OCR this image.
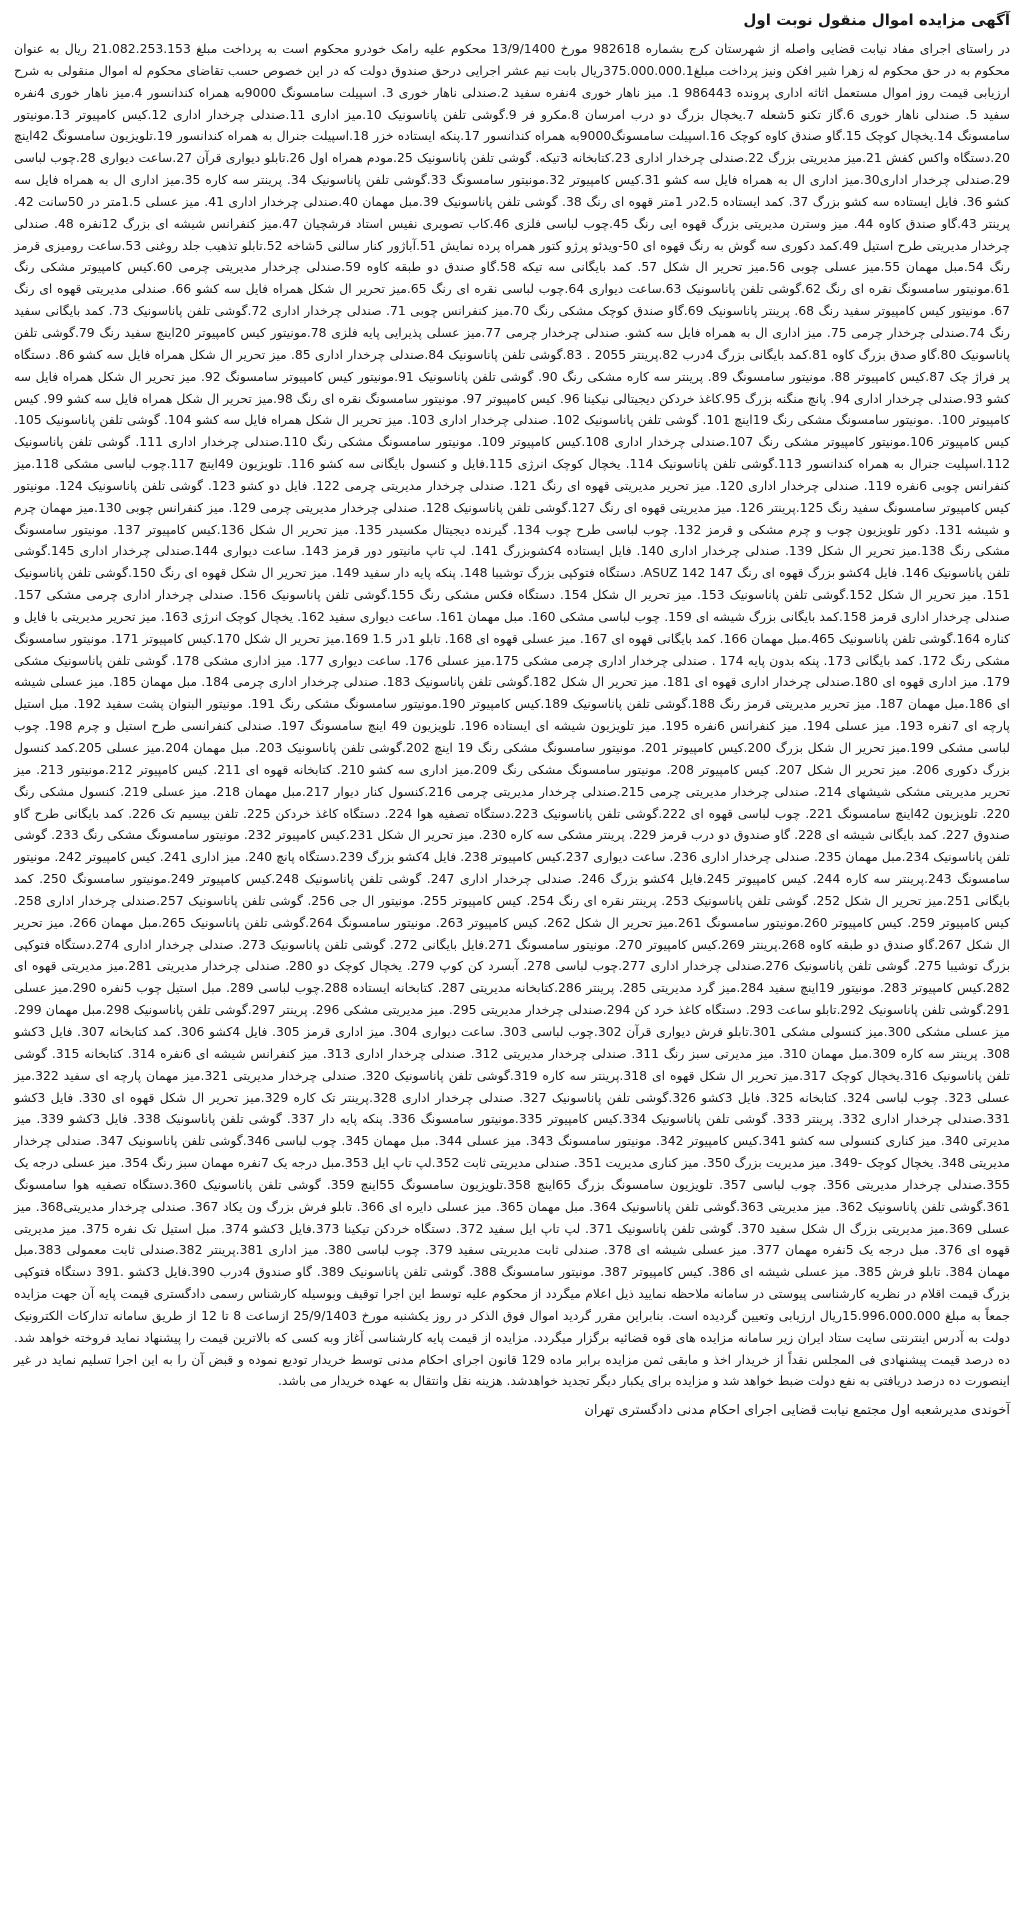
آگهی مزایده اموال منقول نوبت اول

در راستای اجرای مفاد نیابت قضایی واصله از شهرستان کرج بشماره 982618 مورخ 13/9/1400 محکوم علیه رامک خودرو محکوم است به پرداخت مبلغ 21.082.253.153 ریال به عنوان محکوم به در حق محکوم له زهرا شیر افکن ونیز پرداخت مبلغ375.000.000.1ریال بابت نیم عشر اجرایی درحق صندوق دولت که در این خصوص حسب تقاضای محکوم له اموال منقولی به شرح ارزیابی قیمت روز اموال مستعمل اثاثه اداری پرونده 986443 1. میز ناهار خوری 4نفره سفید 2.صندلی ناهار خوری 3. اسپیلت سامسونگ 9000به همراه کندانسور 4.میز ناهار خوری 4نفره سفید 5. صندلی ناهار خوری 6.گاز تکنو 5شعله 7.یخچال بزرگ دو درب امرسان 8.مکرو فر 9.گوشی تلفن پاناسونیک 10.میز اداری 11.صندلی چرخدار اداری 12.کیس کامپیوتر 13.مونیتور سامسونگ 14.یخچال کوچک 15.گاو صندق کاوه کوچک 16.اسپیلت سامسونگ9000به همراه کندانسور 17.پنکه ایستاده خزر 18.اسپیلت جنرال به همراه کندانسور 19.تلویزیون سامسونگ 42اینچ 20.دستگاه واکس کفش 21.میز مدیریتی بزرگ 22.صندلی چرخدار اداری 23.کتابخانه 3تیکه. گوشی تلفن پاناسونیک 25.مودم همراه اول 26.تابلو دیواری قرآن 27.ساعت دیواری 28.چوب لباسی 29.صندلی چرخدار اداری30.میز اداری ال به همراه فایل سه کشو 31.کیس کامپیوتر 32.مونیتور سامسونگ 33.گوشی تلفن پاناسونیک 34. پرینتر سه کاره 35.میز اداری ال به همراه فایل سه کشو 36. فایل ایستاده سه کشو بزرگ 37. کمد ایستاده 2.5در 1متر قهوه ای رنگ 38. گوشی تلفن پاناسونیک 39.مبل مهمان 40.صندلی چرخدار اداری 41. میز عسلی 1.5متر در 50سانت 42. پرینتر 43.گاو صندق کاوه 44. میز وسترن مدیریتی بزرگ قهوه ایی رنگ 45.چوب لباسی فلزی 46.کاب تصویری نفیس استاد فرشچیان 47.میز کنفرانس شیشه ای بزرگ 12نفره 48. صندلی چرخدار مدیریتی طرح استیل 49.کمد دکوری سه گوش به رنگ قهوه ای 50-ویدئو پرژو کتور همراه پرده نمایش 51.آباژور کنار سالنی 5شاخه 52.تابلو تذهیب جلد روغنی 53.ساعت رومیزی قرمز رنگ 54.مبل مهمان 55.میز عسلی چوبی 56.میز تحریر ال شکل 57. کمد بایگانی سه تیکه 58.گاو صندق دو طبقه کاوه 59.صندلی چرخدار مدیریتی چرمی 60.کیس کامپیوتر مشکی رنگ 61.مونیتور سامسونگ نقره ای رنگ 62.گوشی تلفن پاناسونیک 63.ساعت دیواری 64.چوب لباسی نقره ای رنگ 65.میز تحریر ال شکل همراه فایل سه کشو 66. صندلی مدیریتی قهوه ای رنگ 67. مونیتور کیس کامپیوتر سفید رنگ 68. پرینتر پاناسونیک 69.گاو صندق کوچک مشکی رنگ 70.میز کنفرانس چوبی 71. صندلی چرخدار اداری 72.گوشی تلفن پاناسونیک 73. کمد بایگانی سفید رنگ 74.صندلی چرخدار چرمی 75. میز اداری ال به همراه فایل سه کشو. صندلی چرخدار چرمی 77.میز عسلی پذیرایی پایه فلزی 78.مونیتور کیس کامپیوتر 20اینچ سفید رنگ 79.گوشی تلفن پاناسونیک 80.گاو صدق بزرگ کاوه 81.کمد بایگانی بزرگ 4درب 82.پرینتر 2055 . 83.گوشی تلفن پاناسونیک 84.صندلی چرخدار اداری 85. میز تحریر ال شکل همراه فایل سه کشو 86. دستگاه پر فراژ چک 87.کیس کامپیوتر 88. مونیتور سامسونگ 89. پرینتر سه کاره مشکی رنگ 90. گوشی تلفن پاناسونیک 91.مونیتور کیس کامپیوتر سامسونگ 92. میز تحریر ال شکل همراه فایل سه کشو 93.صندلی چرخدار اداری 94. پانچ منگنه بزرگ 95.کاغذ خردکن دیجیتالی نیکینا 96. کیس کامپیوتر 97. مونیتور سامسونگ نقره ای رنگ 98.میز تحریر ال شکل همراه فایل سه کشو 99. کیس کامپیوتر 100. .مونیتور سامسونگ مشکی رنگ 19اینچ 101. گوشی تلفن پاناسونیک 102. صندلی چرخدار اداری 103. میز تحریر ال شکل همراه فایل سه کشو 104. گوشی تلفن پاناسونیک 105. کیس کامپیوتر 106.مونیتور کامپیوتر مشکی رنگ 107.صندلی چرخدار اداری 108.کیس کامپیوتر 109. مونیتور سامسونگ مشکی رنگ 110.صندلی چرخدار اداری 111. گوشی تلفن پاناسونیک 112.اسپلیت جنرال به همراه کندانسور 113.گوشی تلفن پاناسونیک 114. یخچال کوچک انرژی 115.فایل و کنسول بایگانی سه کشو 116. تلویزیون 49اینچ 117.چوب لباسی مشکی 118.میز کنفرانس چوبی 6نفره 119. صندلی چرخدار اداری 120. میز تحریر مدیریتی قهوه ای رنگ 121. صندلی چرخدار مدیریتی چرمی 122. فایل دو کشو 123. گوشی تلفن پاناسونیک 124. مونیتور کیس کامپیوتر سامسونگ سفید رنگ 125.پرینتر 126. میز مدیریتی قهوه ای رنگ 127.گوشی تلفن پاناسونیک 128. صندلی چرخدار مدیریتی چرمی 129. میز کنفرانس چوبی 130.میز مهمان چرم و شیشه 131. دکور تلویزیون چوب و چرم مشکی و قرمز 132. چوب لباسی طرح چوب 134. گیرنده دیجیتال مکسیدر 135. میز تحریر ال شکل 136.کیس کامپیوتر 137. مونیتور سامسونگ مشکی رنگ 138.میز تحریر ال شکل 139. صندلی چرخدار اداری 140. فایل ایستاده 4کشوبزرگ 141. لپ تاپ مانیتور دور قرمز 143. ساعت دیواری 144.صندلی چرخدار اداری 145.گوشی تلفن پاناسونیک 146. فایل 4کشو بزرگ قهوه ای رنگ ASUZ 142 147. دستگاه فتوکپی بزرگ توشیبا 148. پنکه پایه دار سفید 149. میز تحریر ال شکل قهوه ای رنگ 150.گوشی تلفن پاناسونیک 151. میز تحریر ال شکل 152.گوشی تلفن پاناسونیک 153. میز تحریر ال شکل 154. دستگاه فکس مشکی رنگ 155.گوشی تلفن پاناسونیک 156. صندلی چرخدار اداری چرمی مشکی 157. صندلی چرخدار اداری قرمز 158.کمد بایگانی بزرگ شیشه ای 159. چوب لباسی مشکی 160. مبل مهمان 161. ساعت دیواری سفید 162. یخچال کوچک انرژی 163. میز تحریر مدیریتی با فایل و کناره 164.گوشی تلفن پاناسونیک 465.مبل مهمان 166. کمد بایگانی قهوه ای 167. میز عسلی قهوه ای 168. تابلو 1در 1.5 169.میز تحریر ال شکل 170.کیس کامپیوتر 171. مونیتور سامسونگ مشکی رنگ 172. کمد بایگانی 173. پنکه بدون پایه 174 . صندلی چرخدار اداری چرمی مشکی 175.میز عسلی 176. ساعت دیواری 177. میز اداری مشکی 178. گوشی تلفن پاناسونیک مشکی 179. میز اداری قهوه ای 180.صندلی چرخدار اداری قهوه ای 181. میز تحریر ال شکل 182.گوشی تلفن پاناسونیک 183. صندلی چرخدار اداری چرمی 184. مبل مهمان 185. میز عسلی شیشه ای 186.مبل مهمان 187. میز تحریر مدیریتی قرمز رنگ 188.گوشی تلفن پاناسونیک 189.کیس کامپیوتر 190.مونیتور سامسونگ مشکی رنگ 191. مونیتور البنوان پشت سفید 192. مبل استیل پارچه ای 7نفره 193. میز عسلی 194. میز کنفرانس 6نفره 195. میز تلویزیون شیشه ای ایستاده 196. تلویزیون 49 اینچ سامسونگ 197. صندلی کنفرانسی طرح استیل و چرم 198. چوب لباسی مشکی 199.میز تحریر ال شکل بزرگ 200.کیس کامپیوتر 201. مونیتور سامسونگ مشکی رنگ 19 اینچ 202.گوشی تلفن پاناسونیک 203. مبل مهمان 204.میز عسلی 205.کمد کنسول بزرگ دکوری 206. میز تحریر ال شکل 207. کیس کامپیوتر 208. مونیتور سامسونگ مشکی رنگ 209.میز اداری سه کشو 210. کتابخانه قهوه ای 211. کیس کامپیوتر 212.مونیتور 213. میز تحریر مدیریتی مشکی شیشهای 214. صندلی چرخدار مدیریتی چرمی 215.صندلی چرخدار مدیریتی چرمی 216.کنسول کنار دیوار 217.مبل مهمان 218. میز عسلی 219. کنسول مشکی رنگ 220. تلویزیون 42اینچ سامسونگ 221. چوب لباسی قهوه ای 222.گوشی تلفن پاناسونیک 223.دستگاه تصفیه هوا 224. دستگاه کاغذ خردکن 225. تلفن بیسیم تک 226. کمد بایگانی طرح گاو صندوق 227. کمد بایگانی شیشه ای 228. گاو صندوق دو درب قرمز 229. پرینتر مشکی سه کاره 230. میز تحریر ال شکل 231.کیس کامپیوتر 232. مونیتور سامسونگ مشکی رنگ 233. گوشی تلفن پاناسونیک 234.مبل مهمان 235. صندلی چرخدار اداری 236. ساعت دیواری 237.کیس کامپیوتر 238. فایل 4کشو بزرگ 239.دستگاه پانچ 240. میز اداری 241. کیس کامپیوتر 242. مونیتور سامسونگ 243.پرینتر سه کاره 244. کیس کامپیوتر 245.فایل 4کشو بزرگ 246. صندلی چرخدار اداری 247. گوشی تلفن پاناسونیک 248.کیس کامپیوتر 249.مونیتور سامسونگ 250. کمد بایگانی 251.میز تحریر ال شکل 252. گوشی تلفن پاناسونیک 253. پرینتر نقره ای رنگ 254. کیس کامپیوتر 255. مونیتور ال جی 256. گوشی تلفن پاناسونیک 257.صندلی چرخدار اداری 258. کیس کامپیوتر 259. کیس کامپیوتر 260.مونیتور سامسونگ 261.میز تحریر ال شکل 262. کیس کامپیوتر 263. مونیتور سامسونگ 264.گوشی تلفن پاناسونیک 265.مبل مهمان 266. میز تحریر ال شکل 267.گاو صندق دو طبقه کاوه 268.پرینتر 269.کیس کامپیوتر 270. مونیتور سامسونگ 271.فایل بایگانی 272. گوشی تلفن پاناسونیک 273. صندلی چرخدار اداری 274.دستگاه فتوکپی بزرگ توشیبا 275. گوشی تلفن پاناسونیک 276.صندلی چرخدار اداری 277.چوب لباسی 278. آبسرد کن کوپ 279. یخچال کوچک دو 280. صندلی چرخدار مدیریتی 281.میز مدیریتی قهوه ای 282.کیس کامپیوتر 283. مونیتور 19اینچ سفید 284.میز گرد مدیریتی 285. پرینتر 286.کتابخانه مدیریتی 287. کتابخانه ایستاده 288.چوب لباسی 289. مبل استیل چوب 5نفره 290.میز عسلی 291.گوشی تلفن پاناسونیک 292.تابلو ساعت 293. دستگاه کاغذ خرد کن 294.صندلی چرخدار مدیریتی 295. میز مدیریتی مشکی 296. پرینتر 297.گوشی تلفن پاناسونیک 298.مبل مهمان 299. میز عسلی مشکی 300.میز کنسولی مشکی 301.تابلو فرش دیواری قرآن 302.چوب لباسی 303. ساعت دیواری 304. میز اداری قرمز 305. فایل 4کشو 306. کمد کتابخانه 307. فایل 3کشو 308. پرینتر سه کاره 309.مبل مهمان 310. میز مدیرتی سبز رنگ 311. صندلی چرخدار مدیریتی 312. صندلی چرخدار اداری 313. میز کنفرانس شیشه ای 6نفره 314. کتابخانه 315. گوشی تلفن پاناسونیک 316.یخچال کوچک 317.میز تحریر ال شکل قهوه ای 318.پرینتر سه کاره 319.گوشی تلفن پاناسونیک 320. صندلی چرخدار مدیریتی 321.میز مهمان پارچه ای سفید 322.میز عسلی 323. چوب لباسی 324. کتابخانه 325. فایل 3کشو 326.گوشی تلفن پاناسونیک 327. صندلی چرخدار اداری 328.پرینتر تک کاره 329.میز تحریر ال شکل قهوه ای 330. فایل 3کشو 331.صندلی چرخدار اداری 332. پرینتر 333. گوشی تلفن پاناسونیک 334.کیس کامپیوتر 335.مونیتور سامسونگ 336. پنکه پایه دار 337. گوشی تلفن پاناسونیک 338. فایل 3کشو 339. میز مدیرتی 340. میز کناری کنسولی سه کشو 341.کیس کامپیوتر 342. مونیتور سامسونگ 343. میز عسلی 344. مبل مهمان 345. چوب لباسی 346.گوشی تلفن پاناسونیک 347. صندلی چرخدار مدیریتی 348. یخچال کوچک -349. میز مدیریت بزرگ 350. میز کناری مدیریت 351. صندلی مدیریتی ثابت 352.لپ تاپ ایل 353.مبل درجه یک 7نفره مهمان سبز رنگ 354. میز عسلی درجه یک 355.صندلی چرخدار مدیریتی 356. چوب لباسی 357. تلویزیون سامسونگ بزرگ 65اینچ 358.تلویزیون سامسونگ 55اینچ 359. گوشی تلفن پاناسونیک 360.دستگاه تصفیه هوا سامسونگ 361.گوشی تلفن پاناسونیک 362. میز مدیریتی 363.گوشی تلفن پاناسونیک 364. مبل مهمان 365. میز عسلی دایره ای 366. تابلو فرش بزرگ ون یکاد 367. صندلی چرخدار مدیریتی368. میز عسلی 369.میز مدیریتی بزرگ ال شکل سفید 370. گوشی تلفن پاناسونیک 371. لپ تاپ ایل سفید 372. دستگاه خردکن تیکینا 373.فایل 3کشو 374. مبل استیل تک نفره 375. میز مدیریتی قهوه ای 376. مبل درجه یک 5نفره مهمان 377. میز عسلی شیشه ای 378. صندلی ثابت مدیریتی سفید 379. چوب لباسی 380. میز اداری 381.پرینتر 382.صندلی ثابت معمولی 383.مبل مهمان 384. تابلو فرش 385. میز عسلی شیشه ای 386. کیس کامپیوتر 387. مونیتور سامسونگ 388. گوشی تلفن پاناسونیک 389. گاو صندوق 4درب 390.فایل 3کشو .391 دستگاه فتوکپی بزرگ قیمت اقلام در نظریه کارشناسی پیوستی در سامانه ملاحظه نمایید ذیل اعلام میگردد از محکوم علیه توسط این اجرا توقیف وبوسیله کارشناس رسمی دادگستری قیمت پایه آن جهت مزایده جمعاً به مبلغ 15.996.000.000ریال ارزیابی وتعیین گردیده است. بنابراین مقرر گردید اموال فوق الذکر در روز یکشنبه مورخ 25/9/1403 ازساعت 8 تا 12 از طریق سامانه تدارکات الکترونیک دولت به آدرس اینترنتی سایت ستاد ایران زیر سامانه مزایده های قوه قضائیه برگزار میگردد. مزایده از قیمت پایه کارشناسی آغاز وبه کسی که بالاترین قیمت را پیشنهاد نماید فروخته خواهد شد. ده درصد قیمت پیشنهادی فی المجلس نقداً از خریدار اخذ و مابقی ثمن مزایده برابر ماده 129 قانون اجرای احکام مدنی توسط خریدار تودیع نموده و قبض آن را به این اجرا تسلیم نماید در غیر اینصورت ده درصد دریافتی به نفع دولت ضبط خواهد شد و مزایده برای یکبار دیگر تجدید خواهدشد. هزینه نقل وانتقال به عهده خریدار می باشد.

آخوندی مدیرشعبه اول مجتمع نیابت قضایی اجرای احکام مدنی دادگستری تهران
